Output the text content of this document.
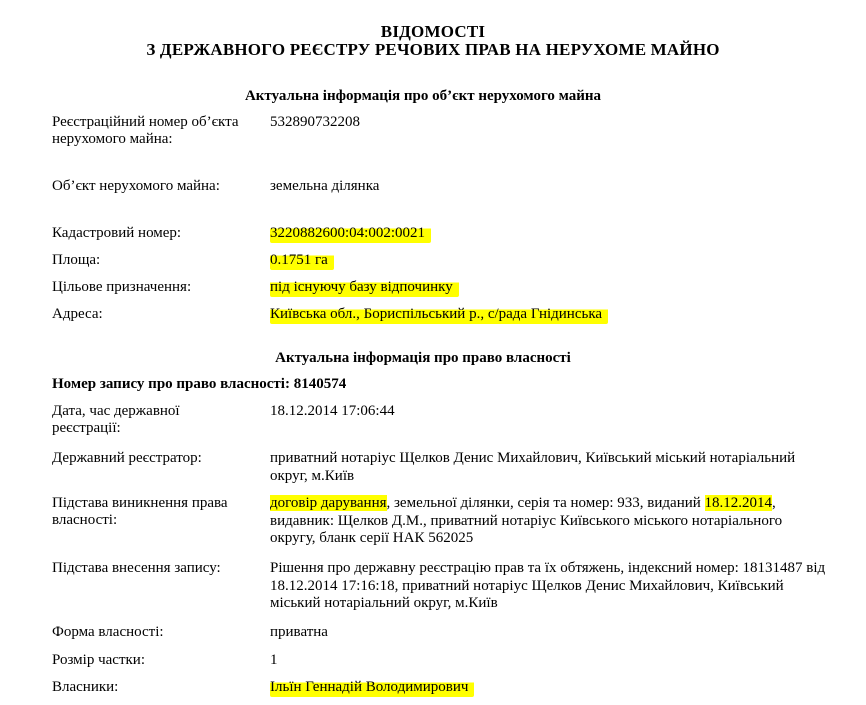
ВІДОМОСТІ
З ДЕРЖАВНОГО РЕЄСТРУ РЕЧОВИХ ПРАВ НА НЕРУХОМЕ МАЙНО
Актуальна інформація про об’єкт нерухомого майна
Реєстраційний номер об’єкта нерухомого майна:
532890732208
Об’єкт нерухомого майна:	земельна ділянка
Кадастровий номер:	3220882600:04:002:0021
Площа:	0.1751 га
Цільове призначення:	під існуючу базу відпочинку
Адреса:	Київська обл., Бориспільський р., с/рада Гнідинська
Актуальна інформація про право власності
Номер запису про право власності: 8140574
Дата, час державної реєстрації:
18.12.2014 17:06:44
Державний реєстратор:	приватний нотаріус Щелков Денис Михайлович, Київський міський нотаріальний округ, м.Київ
Підстава виникнення права власності:
договір дарування, земельної ділянки, серія та номер: 933, виданий 18.12.2014, видавник: Щелков Д.М., приватний нотаріус Київського міського нотаріального округу, бланк серії НАК 562025
Підстава внесення запису:	Рішення про державну реєстрацію прав та їх обтяжень, індексний номер: 18131487 від 18.12.2014 17:16:18, приватний нотаріус Щелков Денис Михайлович, Київський міський нотаріальний округ, м.Київ
Форма власності:	приватна
Розмір частки:	1
Власники:	Ільїн Геннадій Володимирович
